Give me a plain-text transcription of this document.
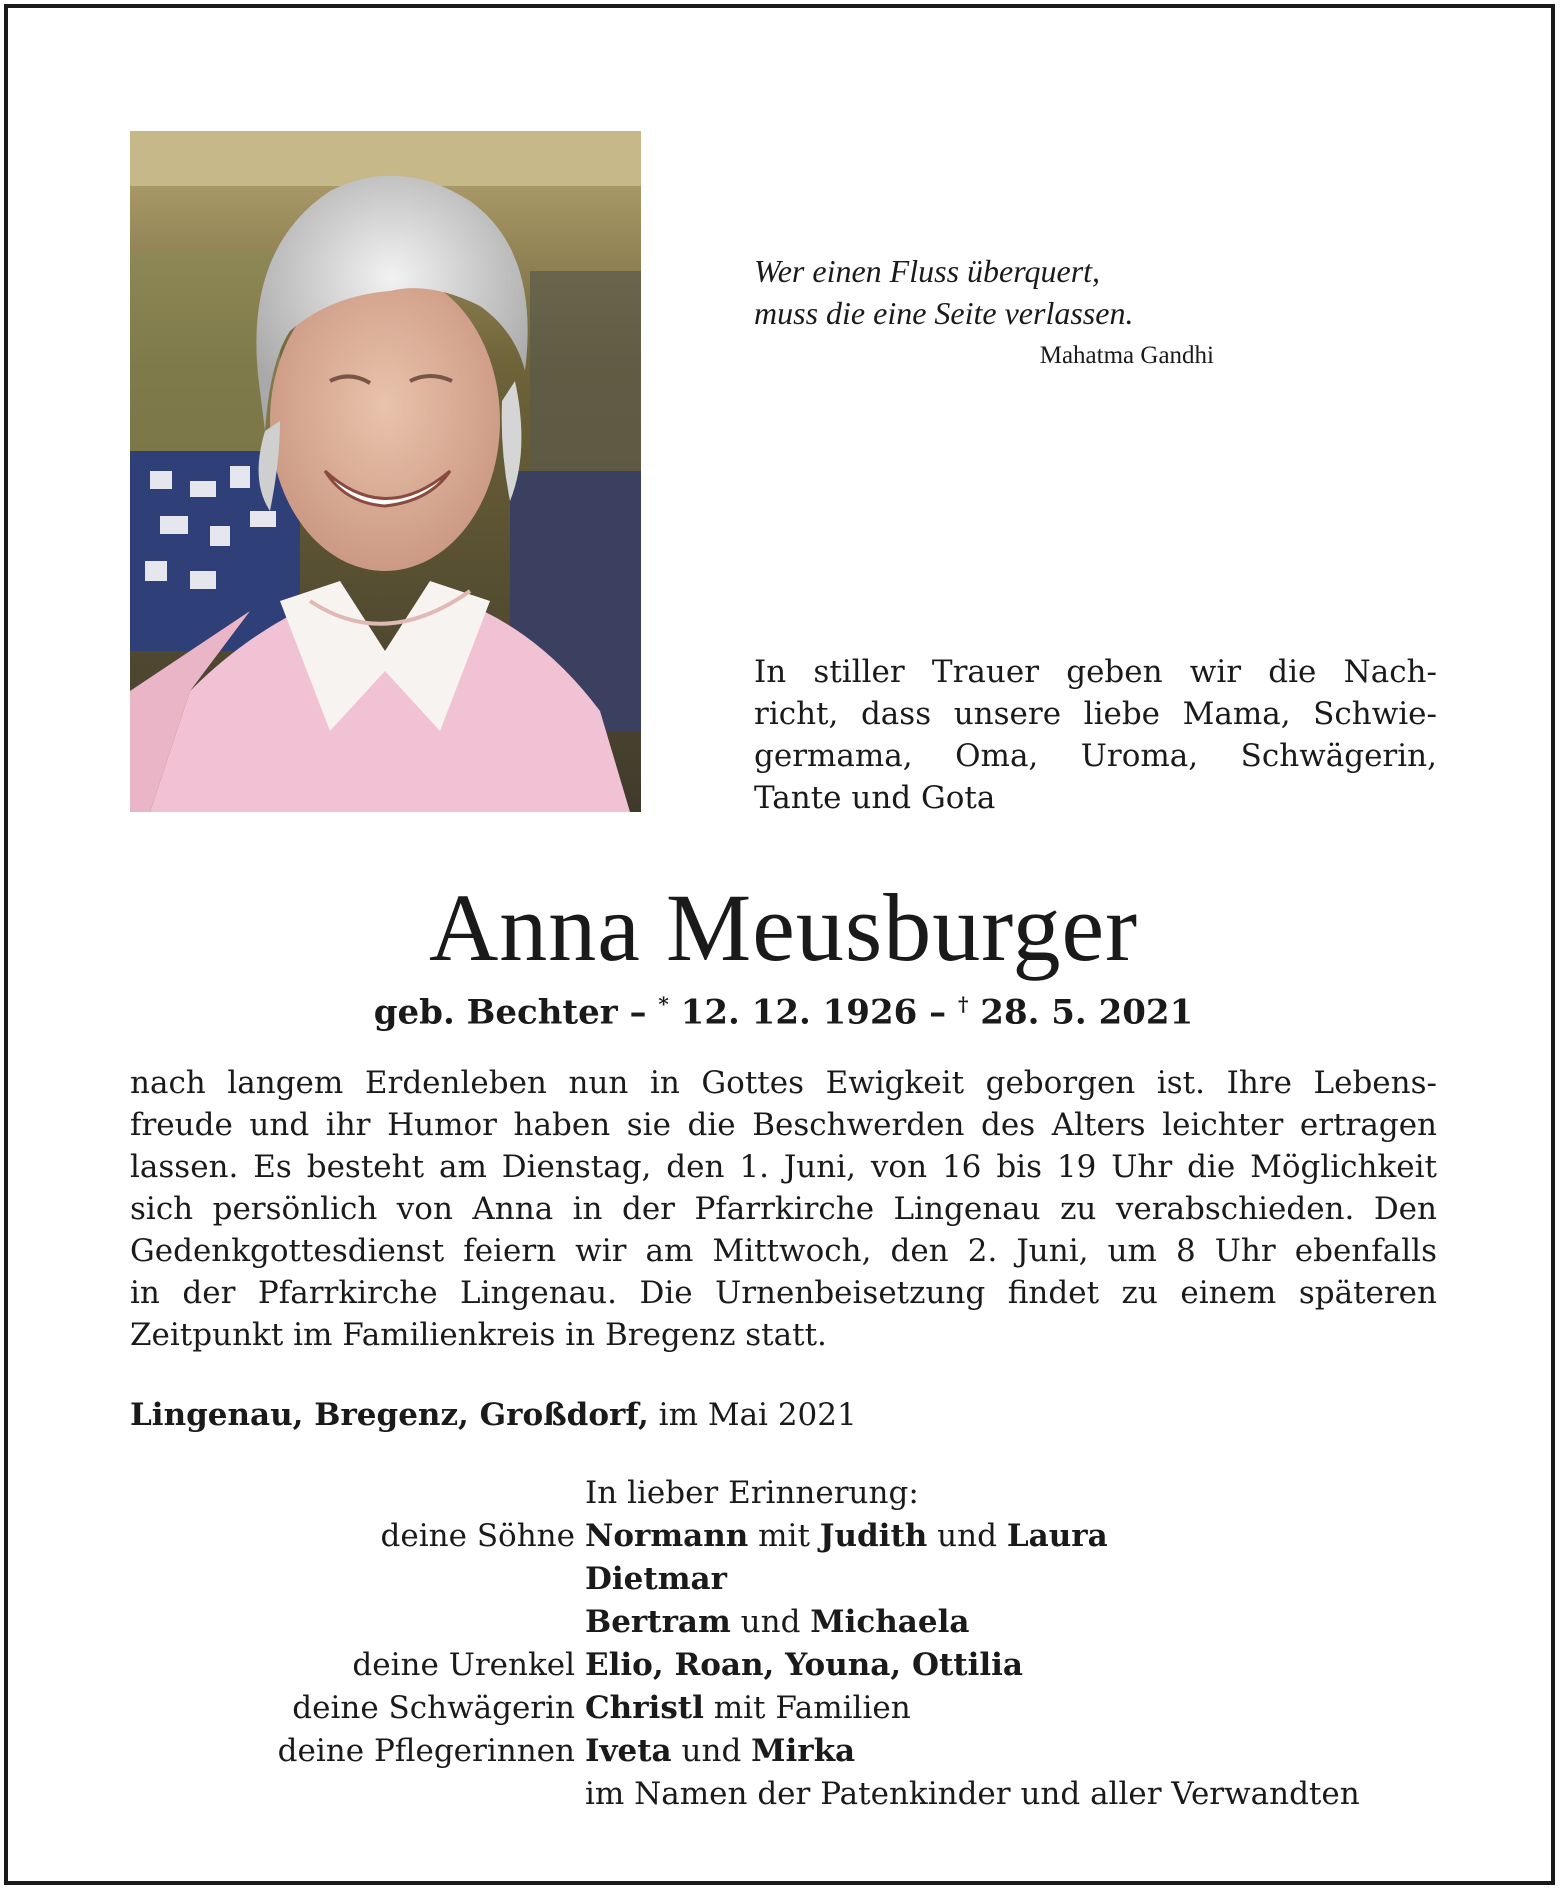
Wer einen Fluss überquert,
muss die eine Seite verlassen.
Mahatma Gandhi
In stiller Trauer geben wir die Nach-
richt, dass unsere liebe Mama, Schwie-
germama, Oma, Uroma, Schwägerin,
Tante und Gota
Anna Meusburger
geb. Bechter – * 12. 12. 1926 – † 28. 5. 2021
nach langem Erdenleben nun in Gottes Ewigkeit geborgen ist. Ihre Lebens-
freude und ihr Humor haben sie die Beschwerden des Alters leichter ertragen
lassen. Es besteht am Dienstag, den 1. Juni, von 16 bis 19 Uhr die Möglichkeit
sich persönlich von Anna in der Pfarrkirche Lingenau zu verabschieden. Den
Gedenkgottesdienst feiern wir am Mittwoch, den 2. Juni, um 8 Uhr ebenfalls
in der Pfarrkirche Lingenau. Die Urnenbeisetzung findet zu einem späteren
Zeitpunkt im Familienkreis in Bregenz statt.
Lingenau, Bregenz, Großdorf, im Mai 2021
In lieber Erinnerung:
deine Söhne Normann mit Judith und Laura
Dietmar
Bertram und Michaela
deine Urenkel Elio, Roan, Youna, Ottilia
deine Schwägerin Christl mit Familien
deine Pflegerinnen Iveta und Mirka
im Namen der Patenkinder und aller Verwandten
